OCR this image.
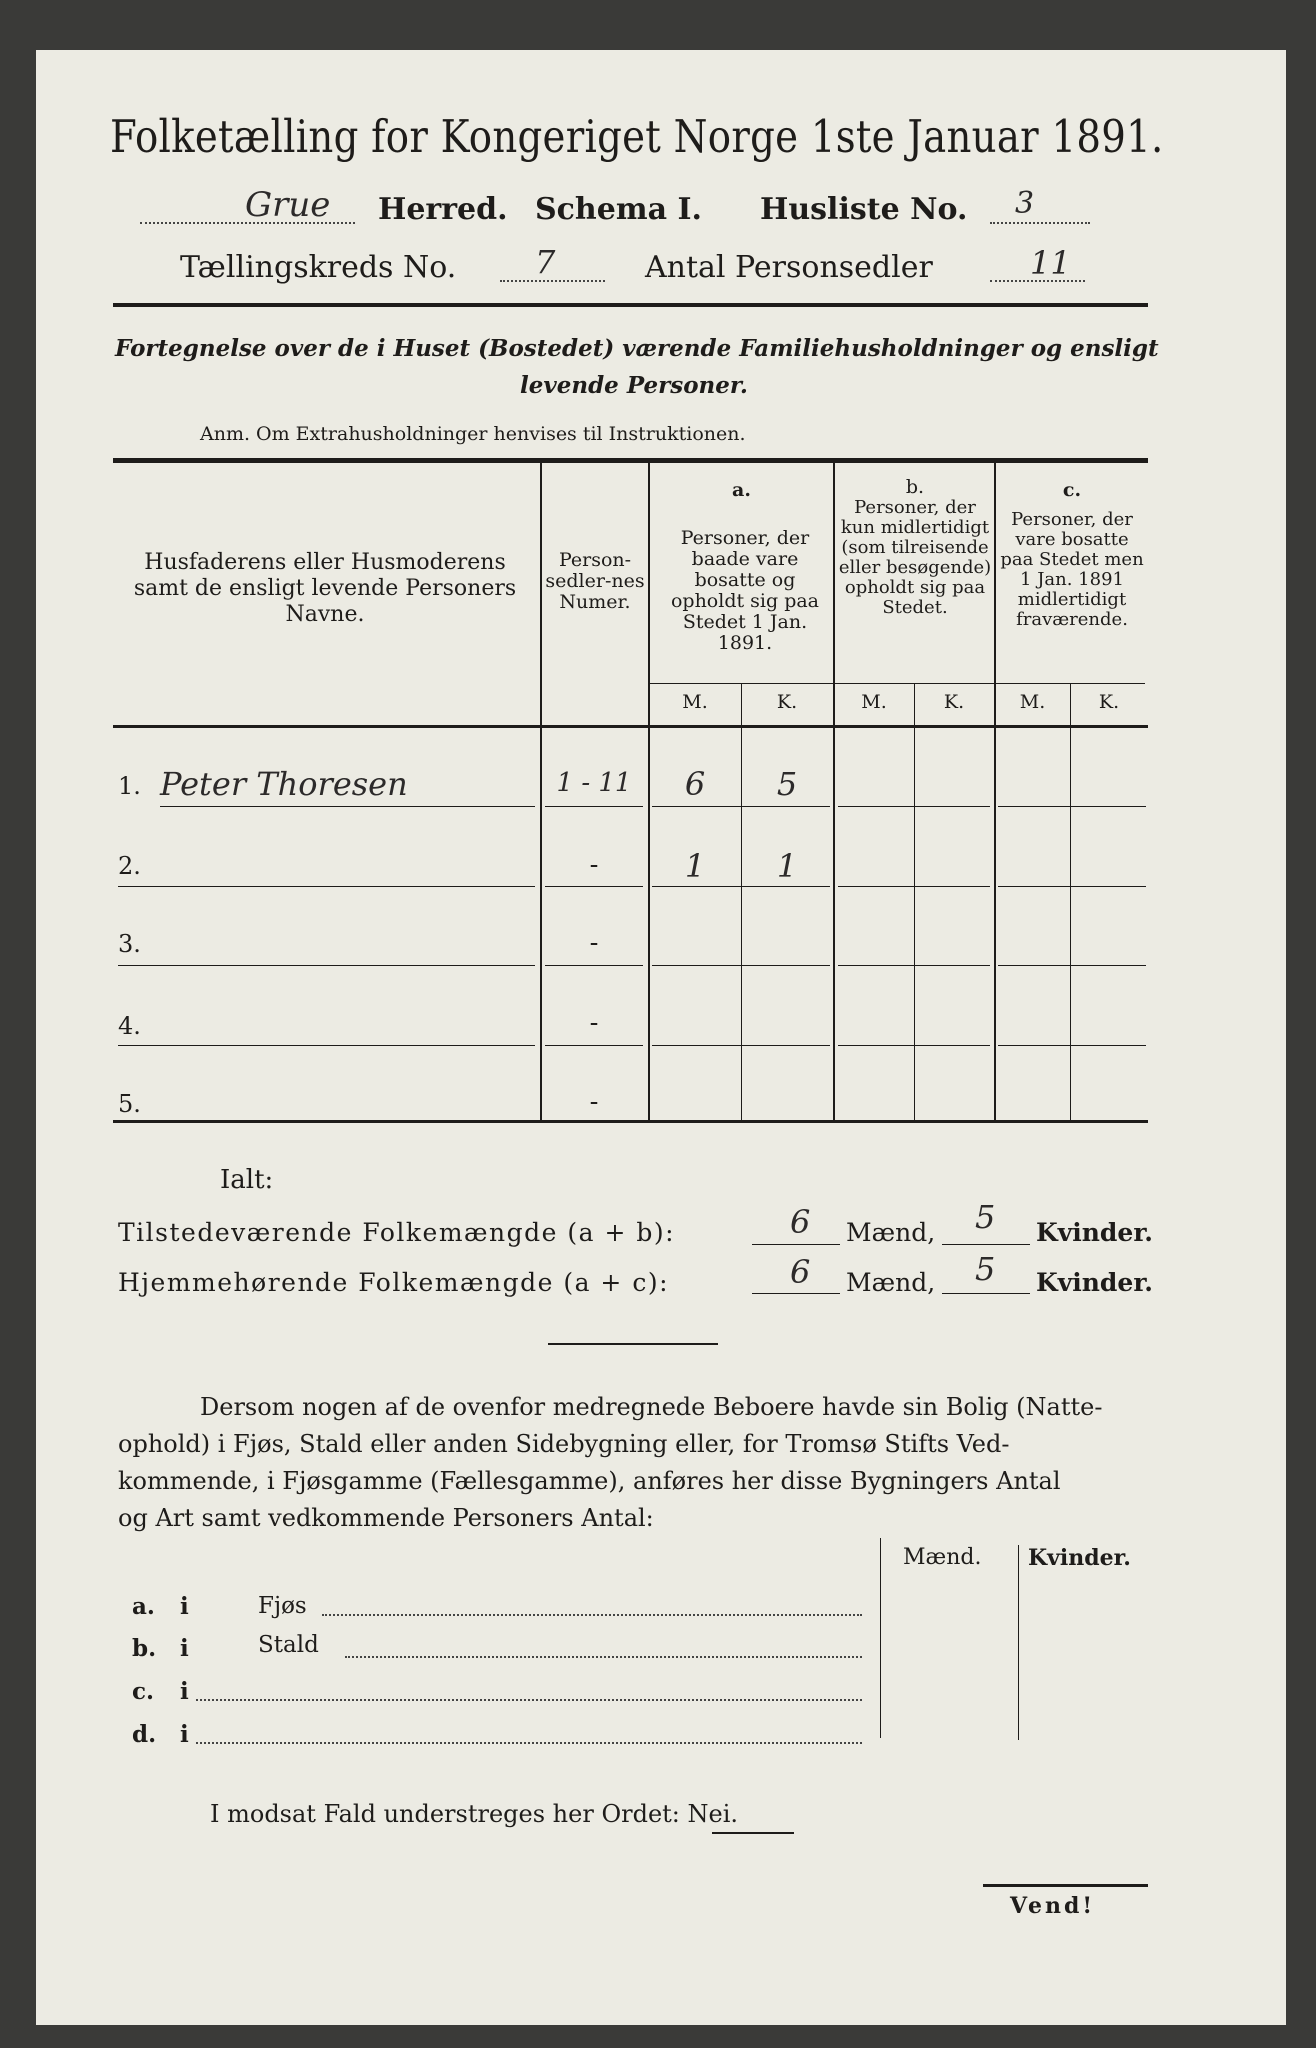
Folketælling for Kongeriget Norge 1ste Januar 1891.
Grue Herred. Schema I. Husliste No. 3
Tællingskreds No. 7	Antal Personsedler	11
Fortegnelse over de i Huset (Bostedet) værende Familiehusholdninger og ensligt
levende Personer.
Anm. Om Extrahusholdninger henvises til Instruktionen.
Husfaderens eller Husmoderens samt de ensligt levende Personers Navne.
Person-sedler-nes Numer.
a.
Personer, der baade vare bosatte og opholdt sig paa Stedet 1 Jan. 1891.
b.
Personer, der kun midlertidigt (som tilreisende eller besøgende) opholdt sig paa Stedet.
c.
Personer, der vare bosatte paa Stedet men 1 Jan. 1891 midlertidigt fraværende.
M.	K.	M.	K.	M.	K.
1. Peter Thoresen	1 - 11	6	5
2.	-	1	1
3.	-
4.	-
5.	-
Ialt:
Tilstedeværende Folkemængde (a + b):	6 Mænd, 5 Kvinder.
Hjemmehørende Folkemængde (a + c):	6 Mænd, 5 Kvinder.
Dersom nogen af de ovenfor medregnede Beboere havde sin Bolig (Natte-
ophold) i Fjøs, Stald eller anden Sidebygning eller, for Tromsø Stifts Ved-
kommende, i Fjøsgamme (Fællesgamme), anføres her disse Bygningers Antal
og Art samt vedkommende Personers Antal:
Mænd. Kvinder.
a. i	Fjøs
b. i	Stald
c. i
d. i
I modsat Fald understreges her Ordet: Nei.
Vend!
